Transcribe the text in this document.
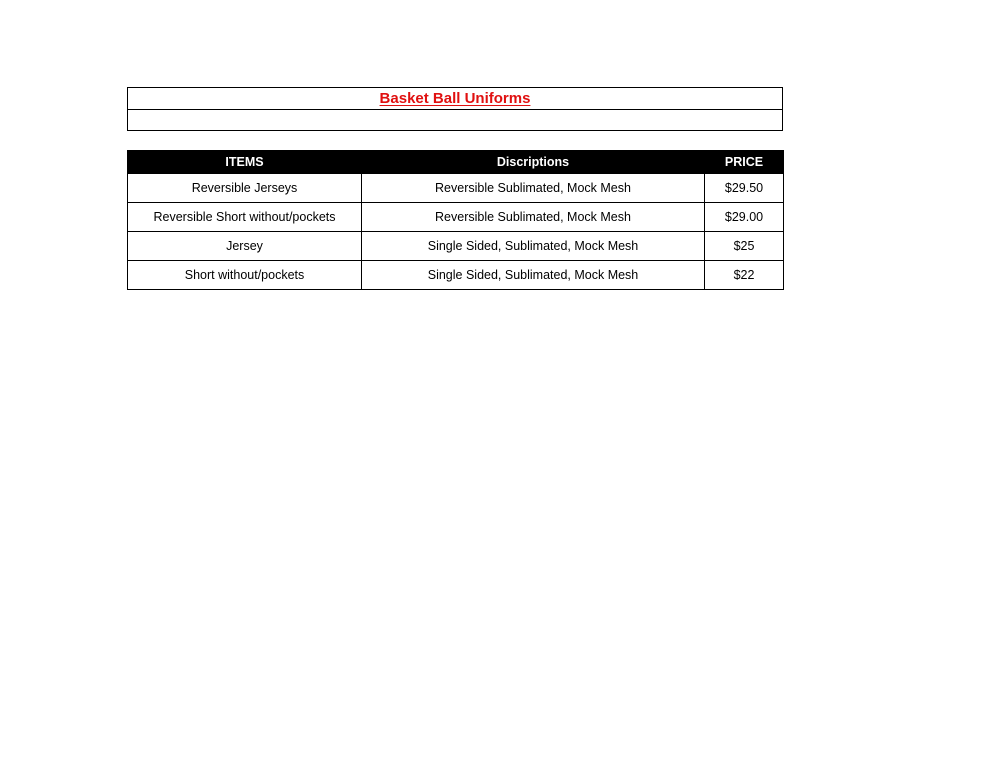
Basket Ball Uniforms
ITEMS	Discriptions	PRICE
Reversible Jerseys	Reversible Sublimated, Mock Mesh	$29.50
Reversible Short without/pockets	Reversible Sublimated, Mock Mesh	$29.00
Jersey	Single Sided, Sublimated, Mock Mesh	$25
Short without/pockets	Single Sided, Sublimated, Mock Mesh	$22
